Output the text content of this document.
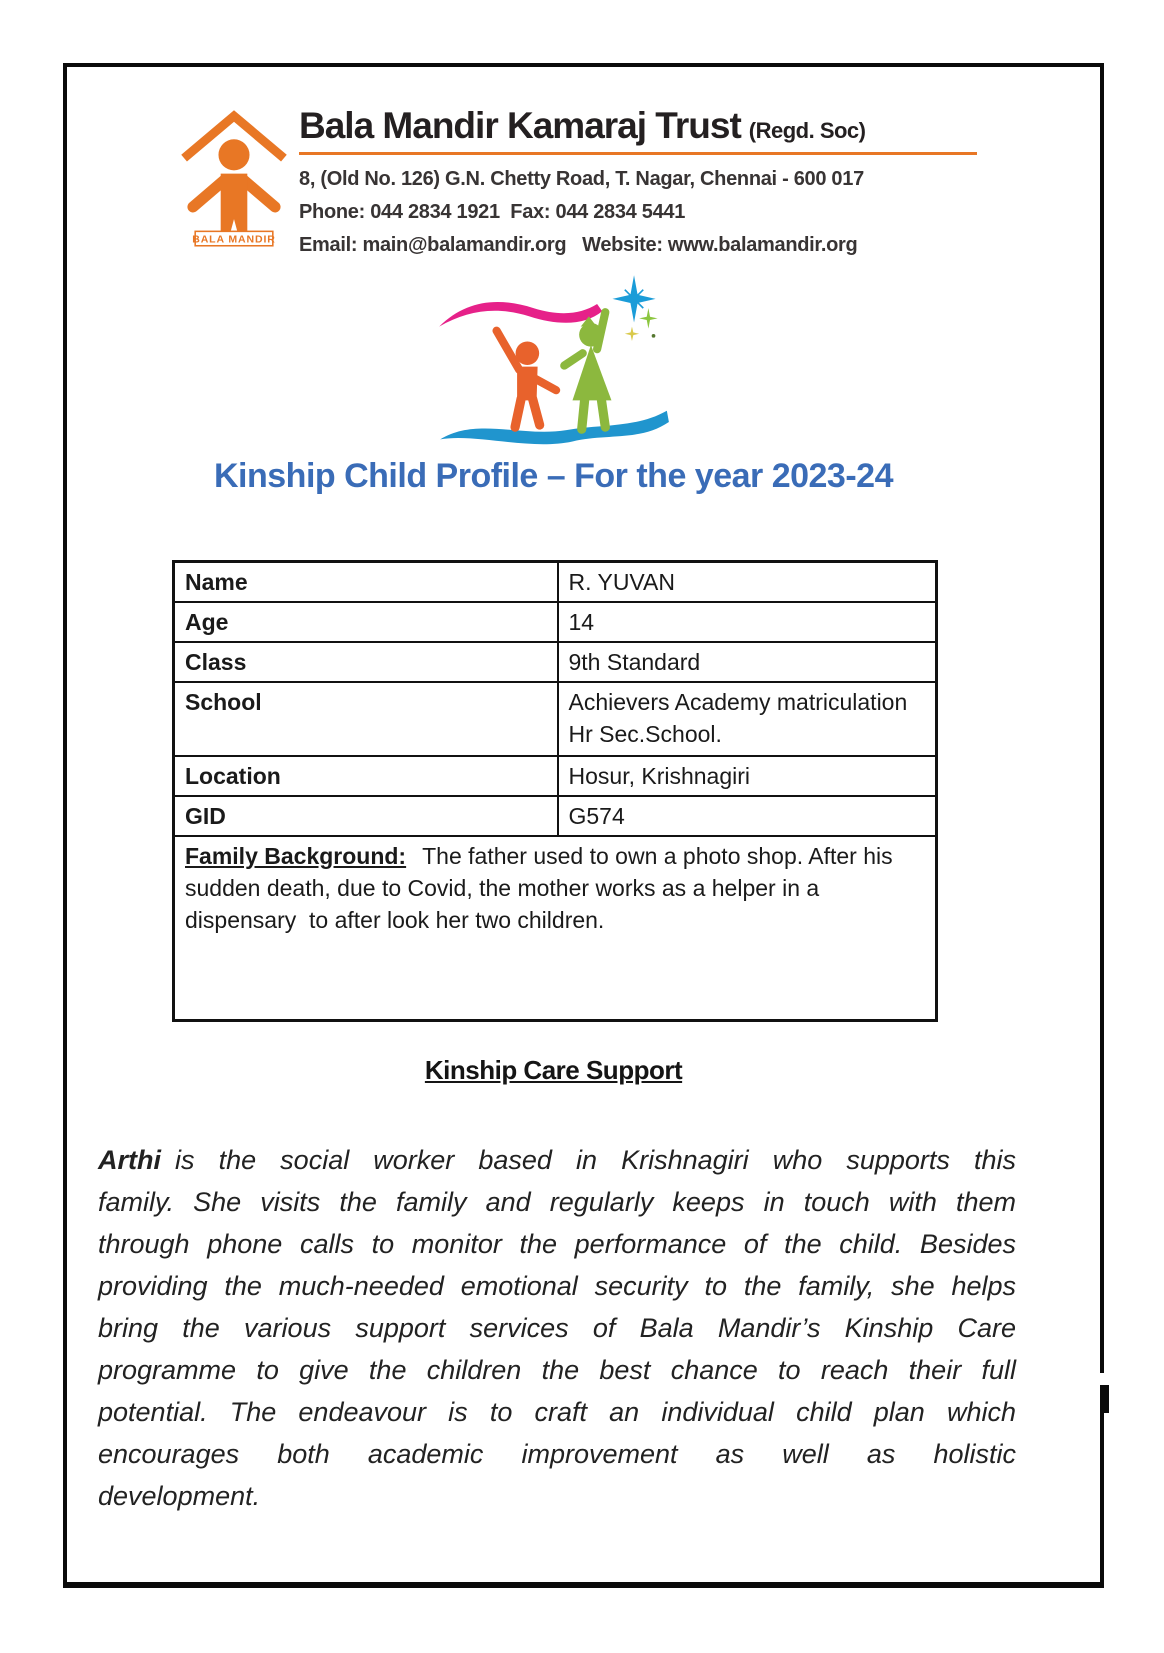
BALA MANDIR
Bala Mandir Kamaraj Trust (Regd. Soc)
8, (Old No. 126) G.N. Chetty Road, T. Nagar, Chennai - 600 017
Phone: 044 2834 1921  Fax: 044 2834 5441
Email: main@balamandir.org   Website: www.balamandir.org
Kinship Child Profile – For the year 2023-24
Name	R. YUVAN
Age	14
Class	9th Standard
School	Achievers Academy matriculation Hr Sec.School.
Location	Hosur, Krishnagiri
GID	G574
Family Background: The father used to own a photo shop. After his sudden death, due to Covid, the mother works as a helper in a dispensary  to after look her two children.	
Kinship Care Support

Arthi is the social worker based in Krishnagiri who supports this family. She visits the family and regularly keeps in touch with them through phone calls to monitor the performance of the child. Besides providing the much-needed emotional security to the family, she helps bring the various support services of Bala Mandir’s Kinship Care programme to give the children the best chance to reach their full potential. The endeavour is to craft an individual child plan which encourages both academic improvement as well as holistic development.
